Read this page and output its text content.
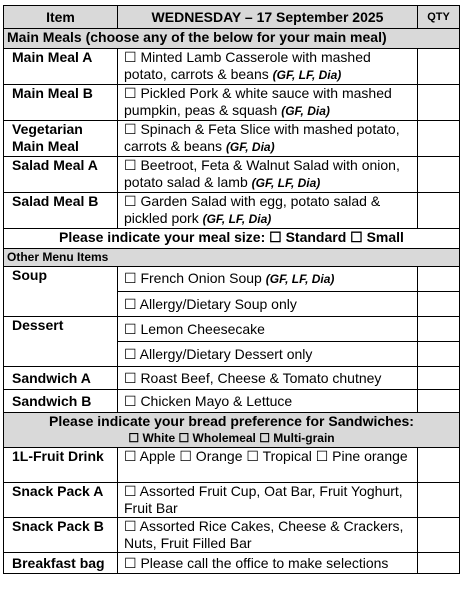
Item	WEDNESDAY – 17 September 2025	QTY
Main Meals (choose any of the below for your main meal)		
Main Meal A	☐ Minted Lamb Casserole with mashed potato, carrots & beans (GF, LF, Dia)	
Main Meal B	☐ Pickled Pork & white sauce with mashed pumpkin, peas & squash (GF, Dia)	
Vegetarian Main Meal	☐ Spinach & Feta Slice with mashed potato, carrots & beans (GF, Dia)	
Salad Meal A	☐ Beetroot, Feta & Walnut Salad with onion, potato salad & lamb (GF, LF, Dia)	
Salad Meal B	☐ Garden Salad with egg, potato salad & pickled pork (GF, LF, Dia)	
Please indicate your meal size: ☐ Standard ☐ Small		
Other Menu Items		
Soup	☐ French Onion Soup (GF, LF, Dia)	
	☐ Allergy/Dietary Soup only	
Dessert	☐ Lemon Cheesecake	
	☐ Allergy/Dietary Dessert only	
Sandwich A	☐ Roast Beef, Cheese & Tomato chutney	
Sandwich B	☐ Chicken Mayo & Lettuce	

Please indicate your bread preference for Sandwiches:
☐ White ☐ Wholemeal ☐ Multi-grain		

1L-Fruit Drink	☐ Apple ☐ Orange ☐ Tropical ☐ Pine orange	
Snack Pack A	☐ Assorted Fruit Cup, Oat Bar, Fruit Yoghurt, Fruit Bar	
Snack Pack B	☐ Assorted Rice Cakes, Cheese & Crackers, Nuts, Fruit Filled Bar	
Breakfast bag	☐ Please call the office to make selections	
